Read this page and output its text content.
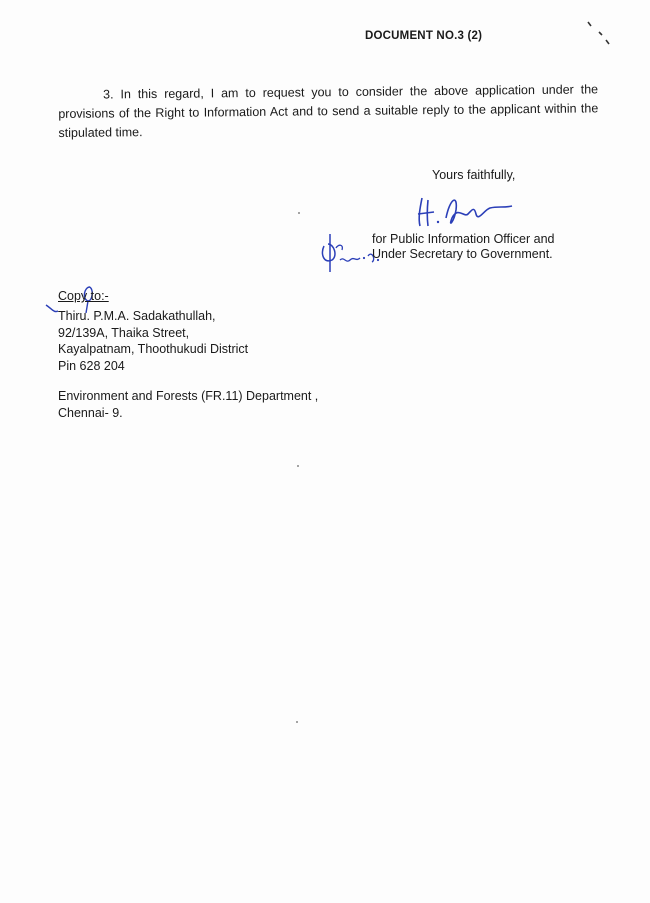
DOCUMENT NO.3 (2)
3. In this regard, I am to request you to consider the above application under the provisions of the Right to Information Act and to send a suitable reply to the applicant within the stipulated time.
Yours faithfully,
for Public Information Officer and
Under Secretary to Government.
Copy to:-
Thiru. P.M.A. Sadakathullah,
92/139A, Thaika Street,
Kayalpatnam, Thoothukudi District
Pin 628 204
Environment and Forests (FR.11) Department ,
Chennai- 9.
